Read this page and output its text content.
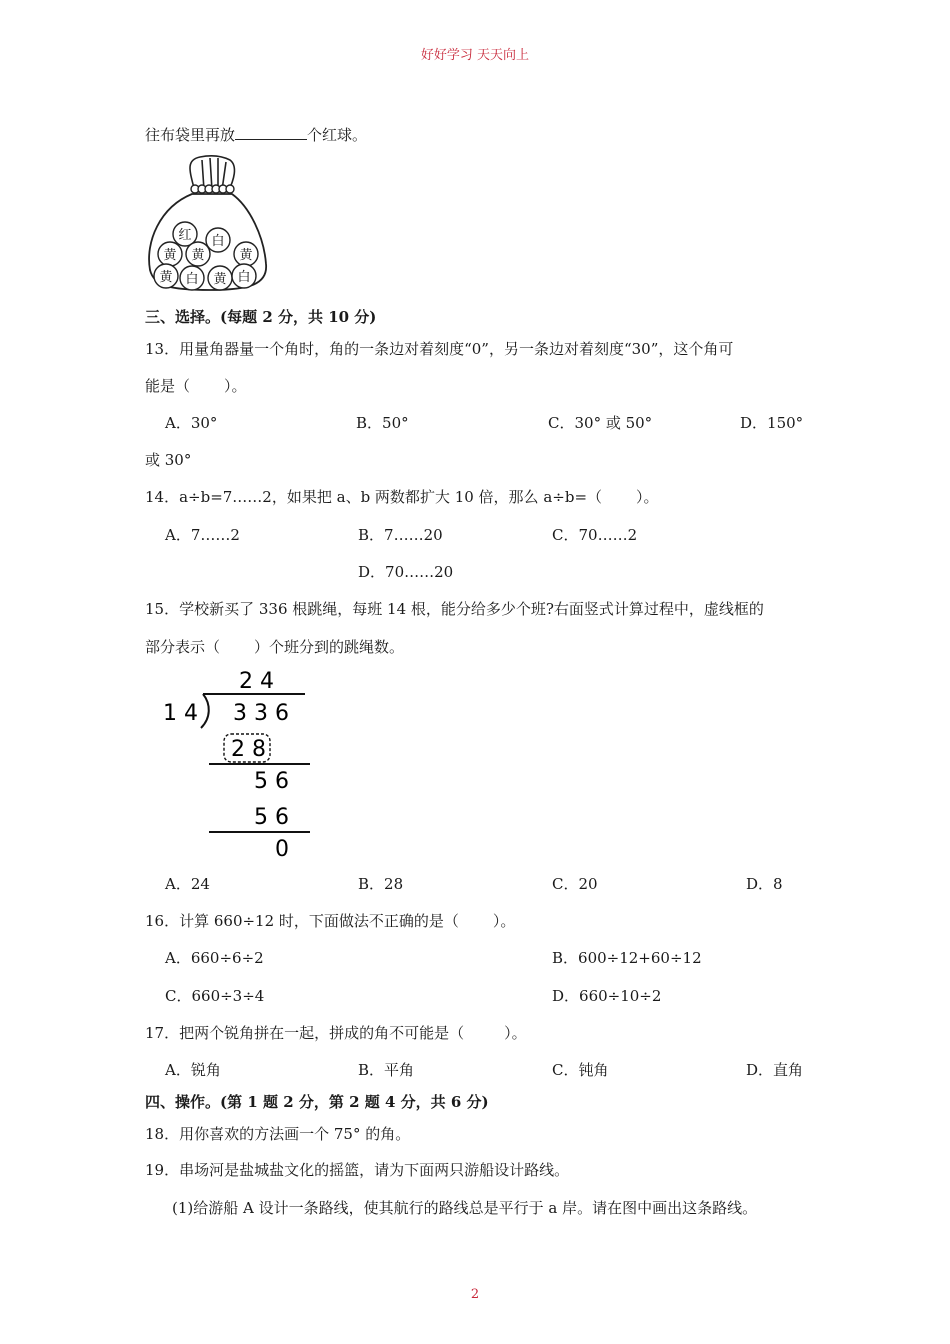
好好学习 天天向上
往布袋里再放	个红球。
红 白
黄 黄	黄
黄 白 黄 白
三、选择。(每题 2 分，共 10 分)
13．用量角器量一个角时，角的一条边对着刻度“0”，另一条边对着刻度“30”，这个角可
能是（ ）。
A．30°	B．50°	C．30° 或 50°	D．150°
或 30°
14．a÷b=7……2，如果把 a、b 两数都扩大 10 倍，那么 a÷b=（ ）。
A．7……2	B．7……20	C．70……2
D．70……20
15．学校新买了 336 根跳绳，每班 14 根，能分给多少个班?右面竖式计算过程中，虚线框的
部分表示（ ）个班分到的跳绳数。
2 4
1 4 3 3 6
2 8
5 6
5 6
0
A．24	B．28	C．20	D．8
16．计算 660÷12 时，下面做法不正确的是（ ）。
A．660÷6÷2	B．600÷12+60÷12
C．660÷3÷4	D．660÷10÷2
17．把两个锐角拼在一起，拼成的角不可能是（	）。
A．锐角	B．平角	C．钝角	D．直角
四、操作。(第 1 题 2 分，第 2 题 4 分，共 6 分)
18．用你喜欢的方法画一个 75° 的角。
19．串场河是盐城盐文化的摇篮，请为下面两只游船设计路线。
(1)给游船 A 设计一条路线，使其航行的路线总是平行于 a 岸。请在图中画出这条路线。
2
